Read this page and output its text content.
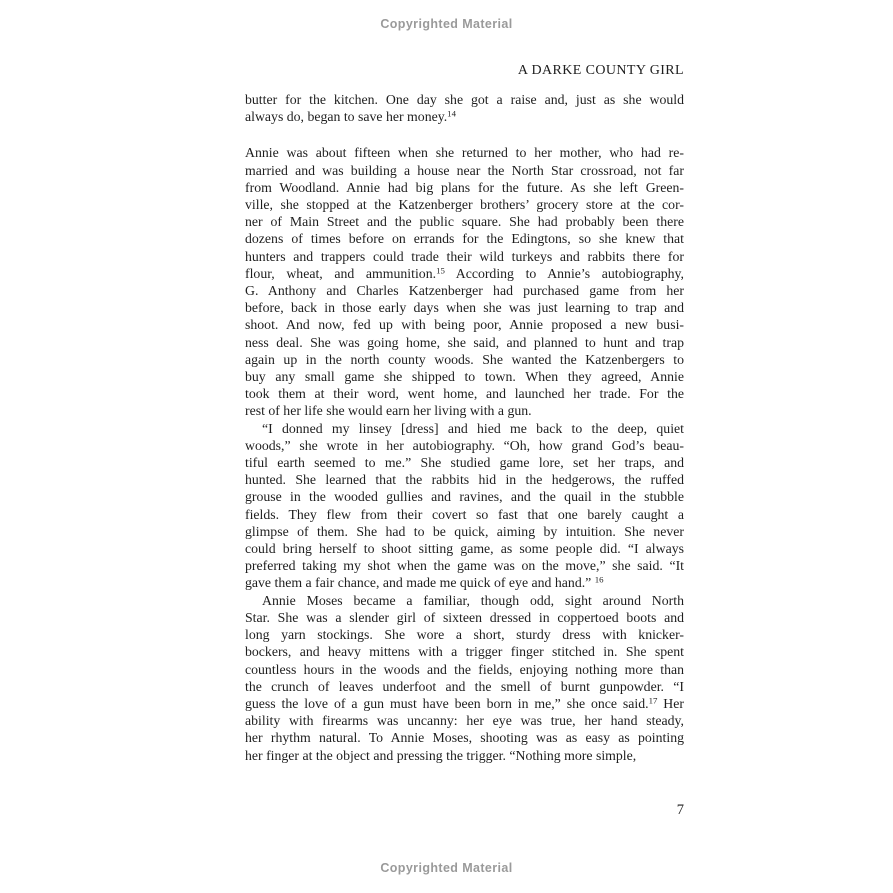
Copyrighted Material
A DARKE COUNTY GIRL
butter for the kitchen. One day she got a raise and, just as she would
always do, began to save her money.$^{14}$
Annie was about fifteen when she returned to her mother, who had re-
married and was building a house near the North Star crossroad, not far
from Woodland. Annie had big plans for the future. As she left Green-
ville, she stopped at the Katzenberger brothers’ grocery store at the cor-
ner of Main Street and the public square. She had probably been there
dozens of times before on errands for the Edingtons, so she knew that
hunters and trappers could trade their wild turkeys and rabbits there for
flour, wheat, and ammunition.$^{15}$ According to Annie’s autobiography,
G. Anthony and Charles Katzenberger had purchased game from her
before, back in those early days when she was just learning to trap and
shoot. And now, fed up with being poor, Annie proposed a new busi-
ness deal. She was going home, she said, and planned to hunt and trap
again up in the north county woods. She wanted the Katzenbergers to
buy any small game she shipped to town. When they agreed, Annie
took them at their word, went home, and launched her trade. For the
rest of her life she would earn her living with a gun.
“I donned my linsey [dress] and hied me back to the deep, quiet
woods,” she wrote in her autobiography. “Oh, how grand God’s beau-
tiful earth seemed to me.” She studied game lore, set her traps, and
hunted. She learned that the rabbits hid in the hedgerows, the ruffed
grouse in the wooded gullies and ravines, and the quail in the stubble
fields. They flew from their covert so fast that one barely caught a
glimpse of them. She had to be quick, aiming by intuition. She never
could bring herself to shoot sitting game, as some people did. “I always
preferred taking my shot when the game was on the move,” she said. “It
gave them a fair chance, and made me quick of eye and hand.” $^{16}$
Annie Moses became a familiar, though odd, sight around North
Star. She was a slender girl of sixteen dressed in coppertoed boots and
long yarn stockings. She wore a short, sturdy dress with knicker-
bockers, and heavy mittens with a trigger finger stitched in. She spent
countless hours in the woods and the fields, enjoying nothing more than
the crunch of leaves underfoot and the smell of burnt gunpowder. “I
guess the love of a gun must have been born in me,” she once said.$^{17}$ Her
ability with firearms was uncanny: her eye was true, her hand steady,
her rhythm natural. To Annie Moses, shooting was as easy as pointing
her finger at the object and pressing the trigger. “Nothing more simple,
7
Copyrighted Material
